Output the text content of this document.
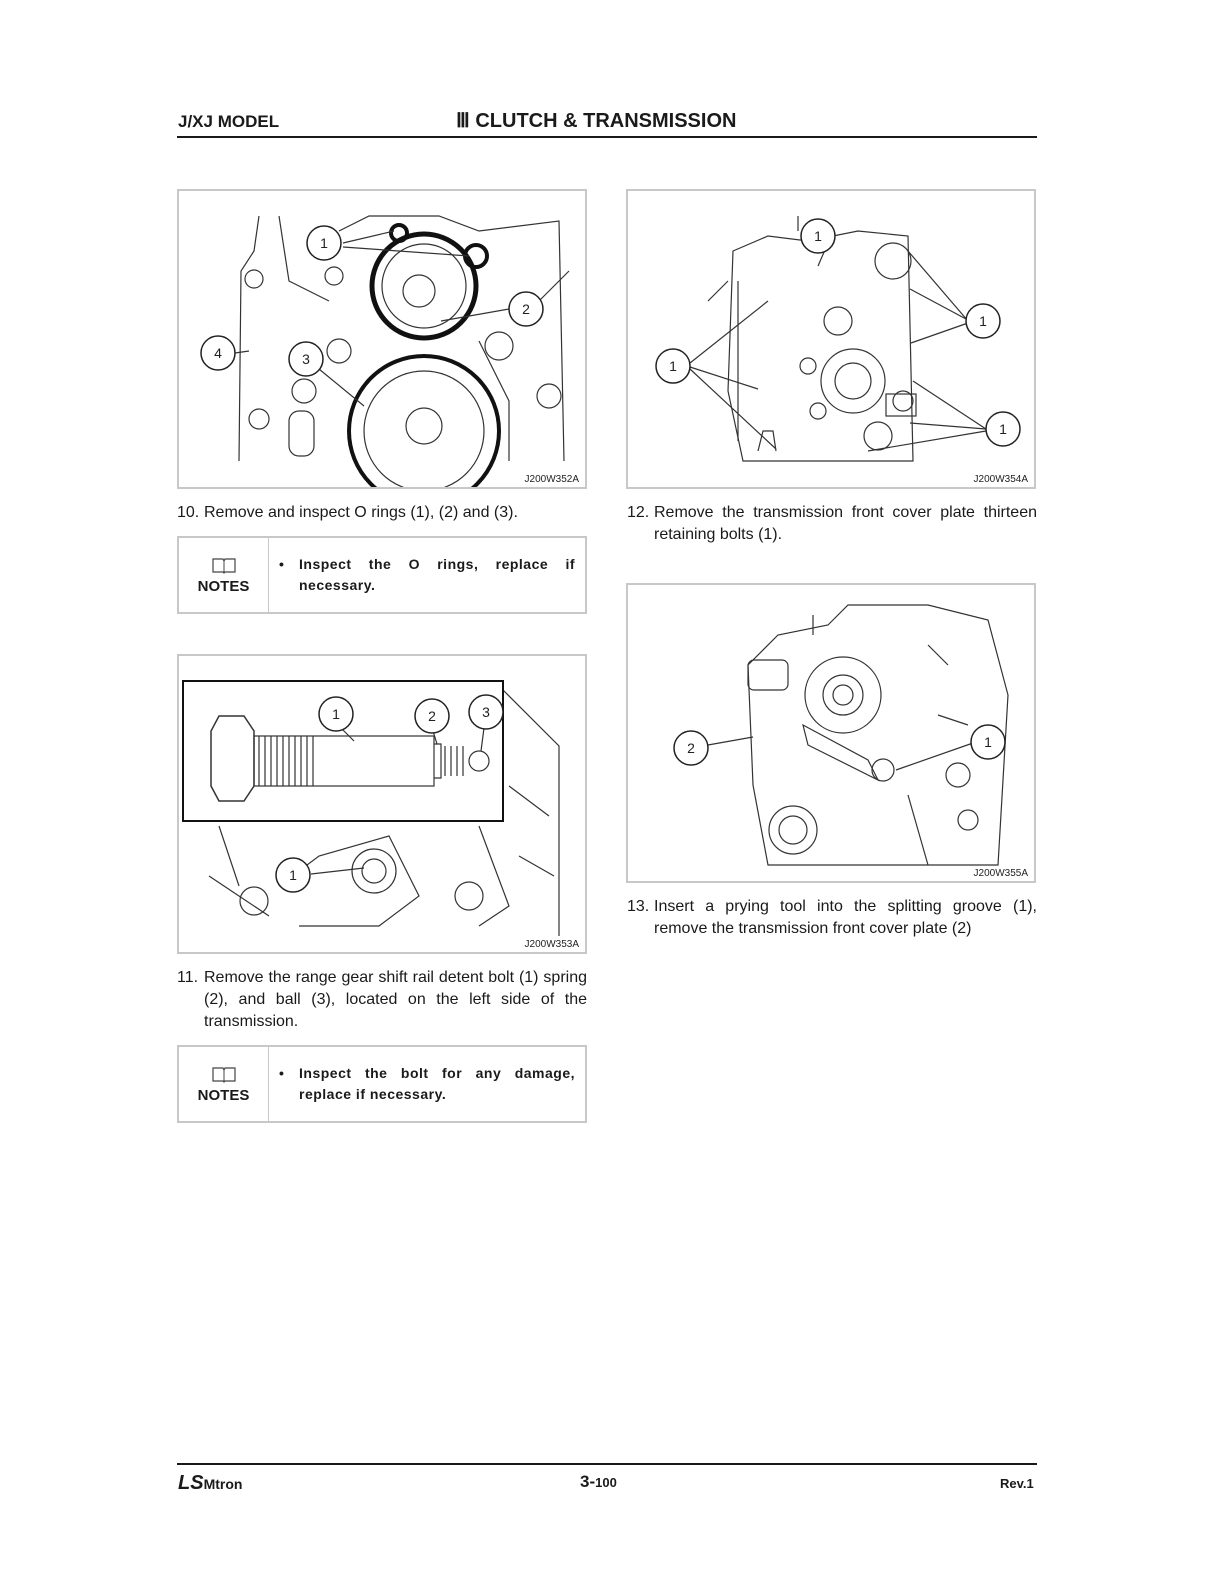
J/XJ MODEL	Ⅲ CLUTCH & TRANSMISSION
1
2
3
4
J200W352A
1
1
1
1
J200W354A
10. Remove and inspect O rings (1), (2) and (3).	12. Remove the transmission front cover plate thirteen retaining bolts (1).
NOTES
• Inspect the O rings, replace if necessary.
1	2	3
1
J200W353A
2	1
J200W355A
13. Insert a prying tool into the splitting groove (1), remove the transmission front cover plate (2)
11. Remove the range gear shift rail detent bolt (1) spring (2), and ball (3), located on the left side of the transmission.
NOTES
• Inspect the bolt for any damage, replace if necessary.
LSMtron	3-100	Rev.1
